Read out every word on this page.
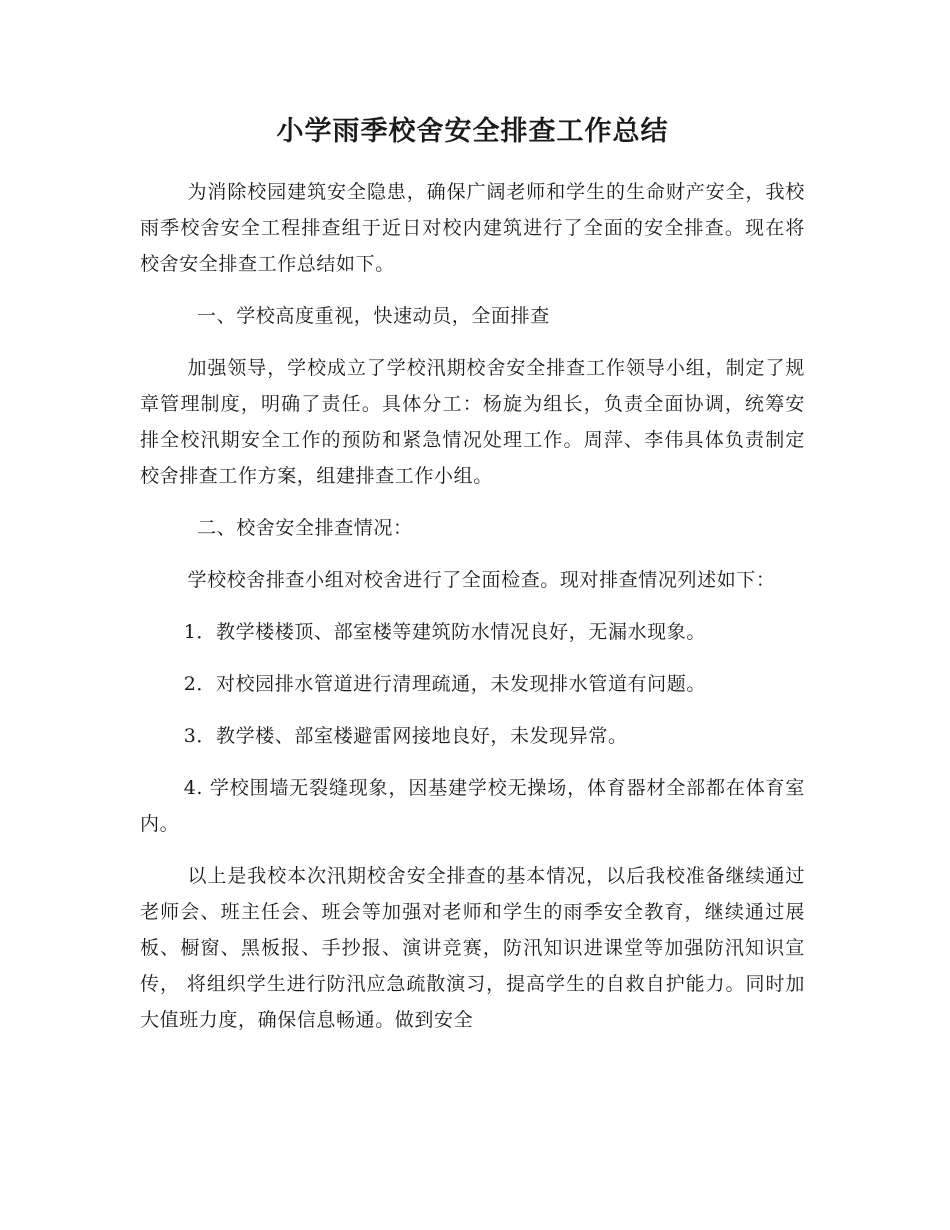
小学雨季校舍安全排查工作总结

为消除校园建筑安全隐患，确保广阔老师和学生的生命财产安全，我校雨季校舍安全工程排查组于近日对校内建筑进行了全面的安全排查。现在将校舍安全排查工作总结如下。

一、学校高度重视，快速动员，全面排查

加强领导，学校成立了学校汛期校舍安全排查工作领导小组，制定了规章管理制度，明确了责任。具体分工：杨旋为组长，负责全面协调，统筹安排全校汛期安全工作的预防和紧急情况处理工作。周萍、李伟具体负责制定校舍排查工作方案，组建排查工作小组。

二、校舍安全排查情况：

学校校舍排查小组对校舍进行了全面检查。现对排查情况列述如下：

1．教学楼楼顶、部室楼等建筑防水情况良好，无漏水现象。

2．对校园排水管道进行清理疏通，未发现排水管道有问题。

3．教学楼、部室楼避雷网接地良好，未发现异常。

4. 学校围墙无裂缝现象，因基建学校无操场，体育器材全部都在体育室内。

以上是我校本次汛期校舍安全排查的基本情况，以后我校准备继续通过老师会、班主任会、班会等加强对老师和学生的雨季安全教育，继续通过展板、橱窗、黑板报、手抄报、演讲竞赛，防汛知识进课堂等加强防汛知识宣传， 将组织学生进行防汛应急疏散演习，提高学生的自救自护能力。同时加大值班力度，确保信息畅通。做到安全
